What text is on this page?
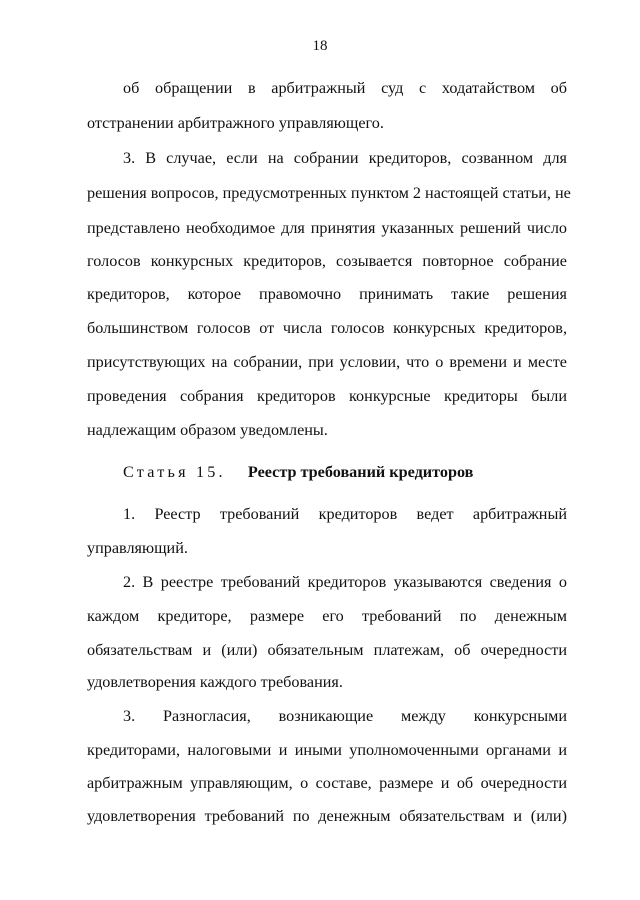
18
об обращении в арбитражный суд с ходатайством об
отстранении арбитражного управляющего.
3. В случае, если на собрании кредиторов, созванном для
решения вопросов, предусмотренных пунктом 2 настоящей статьи, не
представлено необходимое для принятия указанных решений число
голосов конкурсных кредиторов, созывается повторное собрание
кредиторов, которое правомочно принимать такие решения
большинством голосов от числа голосов конкурсных кредиторов,
присутствующих на собрании, при условии, что о времени и месте
проведения собрания кредиторов конкурсные кредиторы были
надлежащим образом уведомлены.
Статья 15. Реестр требований кредиторов
1. Реестр требований кредиторов ведет арбитражный
управляющий.
2. В реестре требований кредиторов указываются сведения о
каждом кредиторе, размере его требований по денежным
обязательствам и (или) обязательным платежам, об очередности
удовлетворения каждого требования.
3. Разногласия, возникающие между конкурсными
кредиторами, налоговыми и иными уполномоченными органами и
арбитражным управляющим, о составе, размере и об очередности
удовлетворения требований по денежным обязательствам и (или)
